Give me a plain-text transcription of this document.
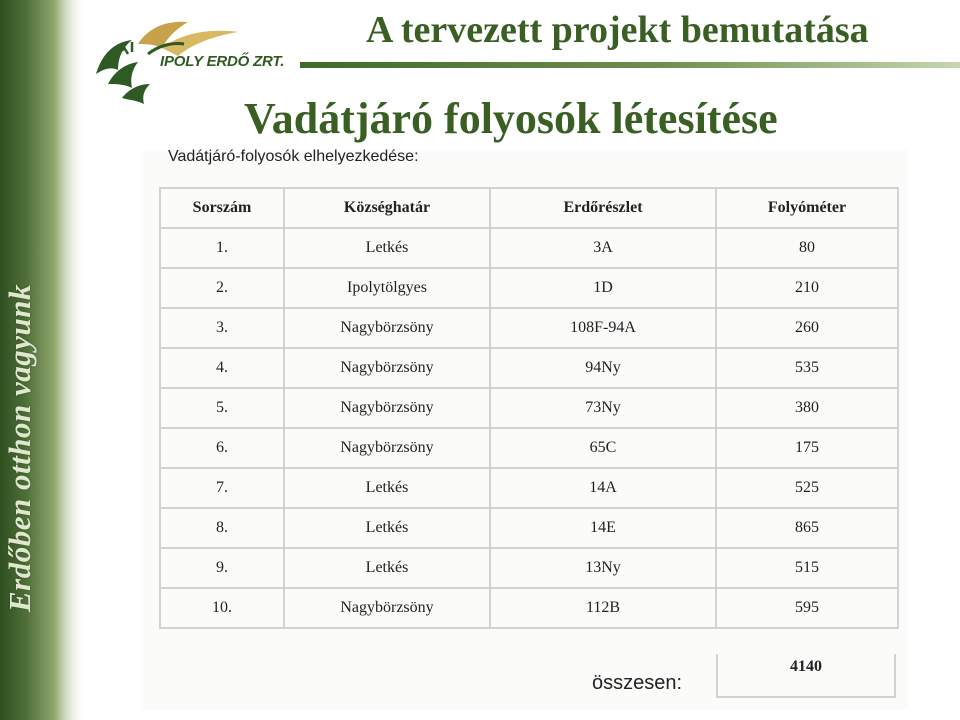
Erdőben otthon vagyunk
IPOLY ERDŐ ZRT.
A tervezett projekt bemutatása
Vadátjáró folyosók létesítése
Vadátjáró-folyosók elhelyezkedése:
Sorszám	Községhatár	Erdőrészlet	Folyóméter
1.	Letkés	3A	80
2.	Ipolytölgyes	1D	210
3.	Nagybörzsöny	108F-94A	260
4.	Nagybörzsöny	94Ny	535
5.	Nagybörzsöny	73Ny	380
6.	Nagybörzsöny	65C	175
7.	Letkés	14A	525
8.	Letkés	14E	865
9.	Letkés	13Ny	515
10.	Nagybörzsöny	112B	595
összesen:
4140
